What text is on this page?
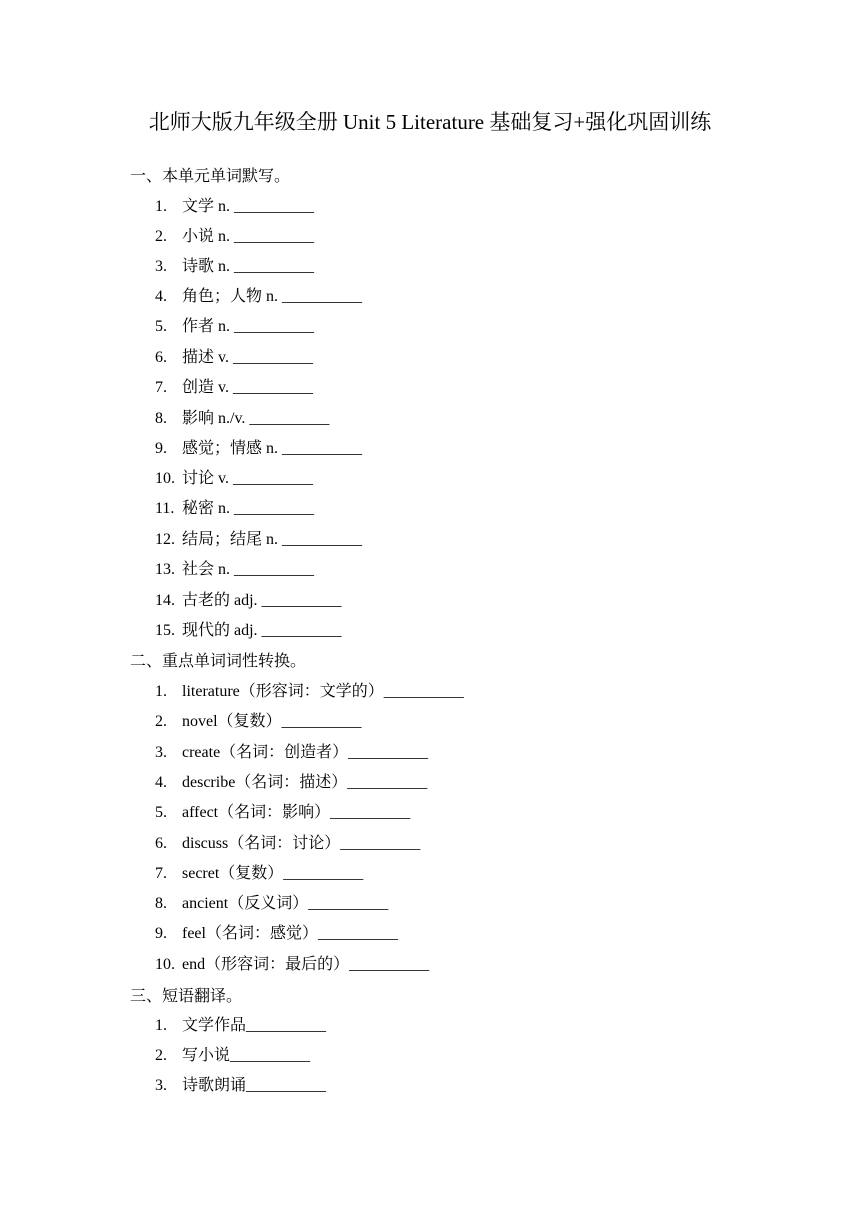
北师大版九年级全册 Unit 5 Literature 基础复习+强化巩固训练
一、本单元单词默写。
1. 文学 n. __________
2. 小说 n. __________
3. 诗歌 n. __________
4. 角色；人物 n. __________
5. 作者 n. __________
6. 描述 v. __________
7. 创造 v. __________
8. 影响 n./v. __________
9. 感觉；情感 n. __________
10. 讨论 v. __________
11. 秘密 n. __________
12. 结局；结尾 n. __________
13. 社会 n. __________
14. 古老的 adj. __________
15. 现代的 adj. __________
二、重点单词词性转换。
1. literature（形容词：文学的）__________
2. novel（复数）__________
3. create（名词：创造者）__________
4. describe（名词：描述）__________
5. affect（名词：影响）__________
6. discuss（名词：讨论）__________
7. secret（复数）__________
8. ancient（反义词）__________
9. feel（名词：感觉）__________
10. end（形容词：最后的）__________
三、短语翻译。
1. 文学作品__________
2. 写小说__________
3. 诗歌朗诵__________
